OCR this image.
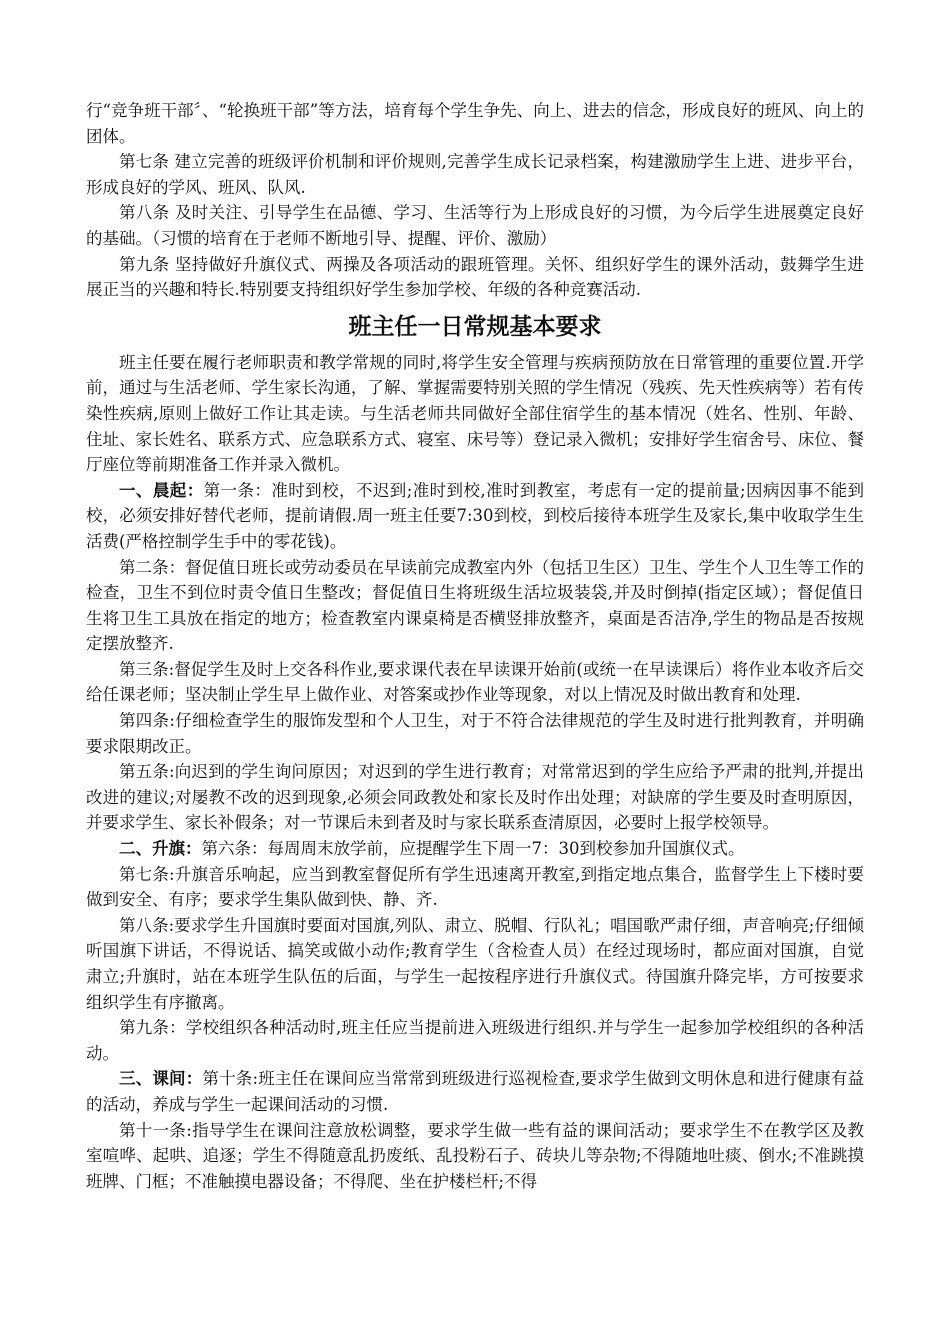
行“竞争班干部〞、“轮换班干部”等方法，培育每个学生争先、向上、进去的信念，形成良好的班风、向上的团体。

第七条 建立完善的班级评价机制和评价规则,完善学生成长记录档案，构建激励学生上进、进步平台，形成良好的学风、班风、队风.

第八条 及时关注、引导学生在品德、学习、生活等行为上形成良好的习惯，为今后学生进展奠定良好的基础。（习惯的培育在于老师不断地引导、提醒、评价、激励）

第九条 坚持做好升旗仪式、两操及各项活动的跟班管理。关怀、组织好学生的课外活动，鼓舞学生进展正当的兴趣和特长.特别要支持组织好学生参加学校、年级的各种竞赛活动.

班主任一日常规基本要求

班主任要在履行老师职责和教学常规的同时,将学生安全管理与疾病预防放在日常管理的重要位置.开学前，通过与生活老师、学生家长沟通，了解、掌握需要特别关照的学生情况（残疾、先天性疾病等）若有传染性疾病,原则上做好工作让其走读。与生活老师共同做好全部住宿学生的基本情况（姓名、性别、年龄、住址、家长姓名、联系方式、应急联系方式、寝室、床号等）登记录入微机；安排好学生宿舍号、床位、餐厅座位等前期准备工作并录入微机。

一、晨起：第一条：准时到校，不迟到;准时到校,准时到教室，考虑有一定的提前量;因病因事不能到校，必须安排好替代老师，提前请假.周一班主任要7:30到校，到校后接待本班学生及家长,集中收取学生生活费(严格控制学生手中的零花钱)。

第二条：督促值日班长或劳动委员在早读前完成教室内外（包括卫生区）卫生、学生个人卫生等工作的检查，卫生不到位时责令值日生整改；督促值日生将班级生活垃圾装袋,并及时倒掉(指定区域）；督促值日生将卫生工具放在指定的地方；检查教室内课桌椅是否横竖排放整齐，桌面是否洁净,学生的物品是否按规定摆放整齐.

第三条:督促学生及时上交各科作业,要求课代表在早读课开始前(或统一在早读课后）将作业本收齐后交给任课老师；坚决制止学生早上做作业、对答案或抄作业等现象，对以上情况及时做出教育和处理.

第四条:仔细检查学生的服饰发型和个人卫生，对于不符合法律规范的学生及时进行批判教育，并明确要求限期改正。

第五条:向迟到的学生询问原因；对迟到的学生进行教育；对常常迟到的学生应给予严肃的批判,并提出改进的建议;对屡教不改的迟到现象,必须会同政教处和家长及时作出处理；对缺席的学生要及时查明原因，并要求学生、家长补假条；对一节课后未到者及时与家长联系查清原因，必要时上报学校领导。

二、升旗：第六条：每周周末放学前，应提醒学生下周一7：30到校参加升国旗仪式。

第七条:升旗音乐响起，应当到教室督促所有学生迅速离开教室,到指定地点集合，监督学生上下楼时要做到安全、有序；要求学生集队做到快、静、齐.

第八条:要求学生升国旗时要面对国旗,列队、肃立、脱帽、行队礼；唱国歌严肃仔细，声音响亮;仔细倾听国旗下讲话，不得说话、搞笑或做小动作;教育学生（含检查人员）在经过现场时，都应面对国旗，自觉肃立;升旗时，站在本班学生队伍的后面，与学生一起按程序进行升旗仪式。待国旗升降完毕，方可按要求组织学生有序撤离。

第九条：学校组织各种活动时,班主任应当提前进入班级进行组织.并与学生一起参加学校组织的各种活动。

三、课间：第十条:班主任在课间应当常常到班级进行巡视检查,要求学生做到文明休息和进行健康有益的活动，养成与学生一起课间活动的习惯.

第十一条:指导学生在课间注意放松调整，要求学生做一些有益的课间活动；要求学生不在教学区及教室喧哗、起哄、追逐；学生不得随意乱扔废纸、乱投粉石子、砖块儿等杂物;不得随地吐痰、倒水;不准跳摸班牌、门框；不准触摸电器设备；不得爬、坐在护楼栏杆;不得
